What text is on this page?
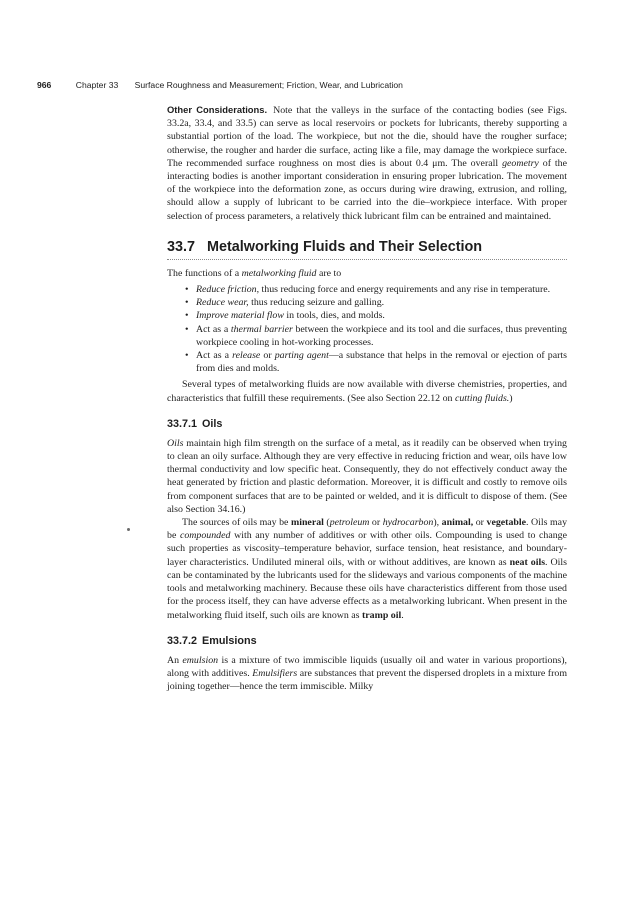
966	Chapter 33 Surface Roughness and Measurement; Friction, Wear, and Lubrication

Other Considerations. Note that the valleys in the surface of the contacting bodies (see Figs. 33.2a, 33.4, and 33.5) can serve as local reservoirs or pockets for lubricants, thereby supporting a substantial portion of the load. The workpiece, but not the die, should have the rougher surface; otherwise, the rougher and harder die surface, acting like a file, may damage the workpiece surface. The recommended surface roughness on most dies is about 0.4 μm. The overall geometry of the interacting bodies is another important consideration in ensuring proper lubrication. The movement of the workpiece into the deformation zone, as occurs during wire drawing, extrusion, and rolling, should allow a supply of lubricant to be carried into the die–workpiece interface. With proper selection of process parameters, a relatively thick lubricant film can be entrained and maintained.

33.7 Metalworking Fluids and Their Selection

The functions of a metalworking fluid are to

• Reduce friction, thus reducing force and energy requirements and any rise in temperature.
• Reduce wear, thus reducing seizure and galling.
• Improve material flow in tools, dies, and molds.
• Act as a thermal barrier between the workpiece and its tool and die surfaces, thus preventing workpiece cooling in hot-working processes.
• Act as a release or parting agent—a substance that helps in the removal or ejection of parts from dies and molds.

Several types of metalworking fluids are now available with diverse chemistries, properties, and characteristics that fulfill these requirements. (See also Section 22.12 on cutting fluids.)

33.7.1 Oils

Oils maintain high film strength on the surface of a metal, as it readily can be observed when trying to clean an oily surface. Although they are very effective in reducing friction and wear, oils have low thermal conductivity and low specific heat. Consequently, they do not effectively conduct away the heat generated by friction and plastic deformation. Moreover, it is difficult and costly to remove oils from component surfaces that are to be painted or welded, and it is difficult to dispose of them. (See also Section 34.16.)

The sources of oils may be mineral (petroleum or hydrocarbon), animal, or vegetable. Oils may be compounded with any number of additives or with other oils. Compounding is used to change such properties as viscosity–temperature behavior, surface tension, heat resistance, and boundary-layer characteristics. Undiluted mineral oils, with or without additives, are known as neat oils. Oils can be contaminated by the lubricants used for the slideways and various components of the machine tools and metalworking machinery. Because these oils have characteristics different from those used for the process itself, they can have adverse effects as a metalworking lubricant. When present in the metalworking fluid itself, such oils are known as tramp oil.

33.7.2 Emulsions

An emulsion is a mixture of two immiscible liquids (usually oil and water in various proportions), along with additives. Emulsifiers are substances that prevent the dispersed droplets in a mixture from joining together—hence the term immiscible. Milky
